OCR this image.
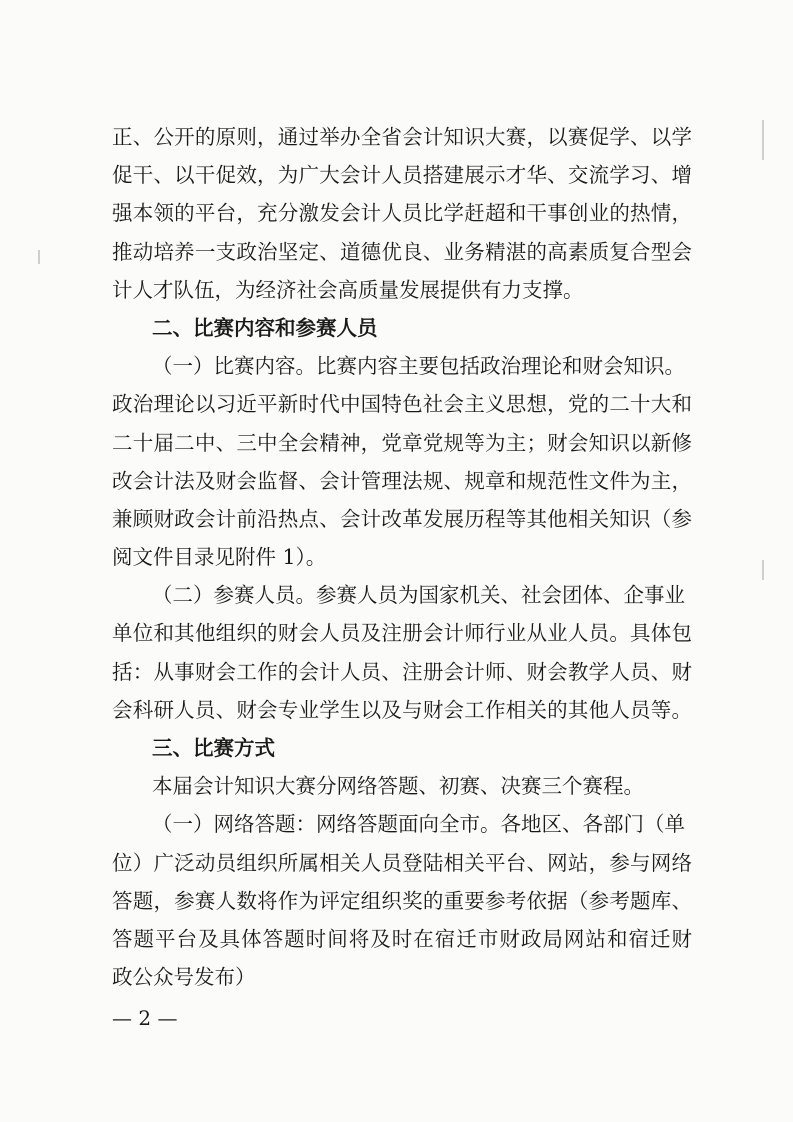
正、公开的原则，通过举办全省会计知识大赛，以赛促学、以学
促干、以干促效，为广大会计人员搭建展示才华、交流学习、增
强本领的平台，充分激发会计人员比学赶超和干事创业的热情，
推动培养一支政治坚定、道德优良、业务精湛的高素质复合型会
计人才队伍，为经济社会高质量发展提供有力支撑。
二、比赛内容和参赛人员
（一）比赛内容。比赛内容主要包括政治理论和财会知识。
政治理论以习近平新时代中国特色社会主义思想，党的二十大和
二十届二中、三中全会精神，党章党规等为主；财会知识以新修
改会计法及财会监督、会计管理法规、规章和规范性文件为主，
兼顾财政会计前沿热点、会计改革发展历程等其他相关知识（参
阅文件目录见附件 1）。
（二）参赛人员。参赛人员为国家机关、社会团体、企事业
单位和其他组织的财会人员及注册会计师行业从业人员。具体包
括：从事财会工作的会计人员、注册会计师、财会教学人员、财
会科研人员、财会专业学生以及与财会工作相关的其他人员等。
三、比赛方式
本届会计知识大赛分网络答题、初赛、决赛三个赛程。
（一）网络答题：网络答题面向全市。各地区、各部门（单
位）广泛动员组织所属相关人员登陆相关平台、网站，参与网络
答题，参赛人数将作为评定组织奖的重要参考依据（参考题库、
答题平台及具体答题时间将及时在宿迁市财政局网站和宿迁财
政公众号发布）
— 2 —
